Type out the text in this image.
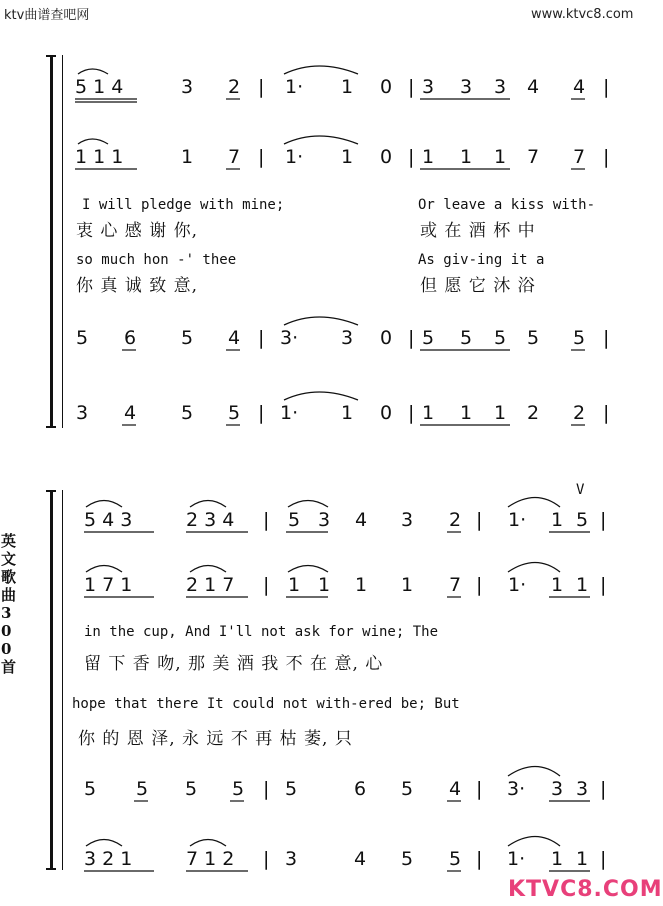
ktv曲谱查吧网	www.ktvc8.com
英文歌曲300首
KTVC8.COM
5 1 4	3 2 | 1· 1 0 | 3 3 3 4 4 |
1 1 1	1 7 | 1· 1 0 | 1 1 1 7 7 |
I will pledge with mine;	Or leave a kiss with-
衷 心 感 谢 你,	或 在 酒 杯 中
so much hon -' thee	As giv-ing it a
你 真 诚 致 意,	但 愿 它 沐 浴
5 6 5 4 | 3· 3 0 | 5 5 5 5 5 |
3 4 5 5 | 1· 1 0 | 1 1 1 2 2 |
V
5 4 3	2 3 4 | 5 3 4 3 2 | 1· 1 5 |
1 7 1	2 1 7 | 1 1 1 1 7 | 1· 1 1 |
in the cup, And I'll not ask for wine; The
留 下 香 吻, 那 美 酒 我 不 在 意, 心
hope that there It could not with-ered be; But
你 的 恩 泽, 永 远 不 再 枯 萎, 只
5 5 5 5 | 5	6 5 4 | 3· 3 3 |
3 2 1	7 1 2 | 3	4 5 5 | 1· 1 1 |
